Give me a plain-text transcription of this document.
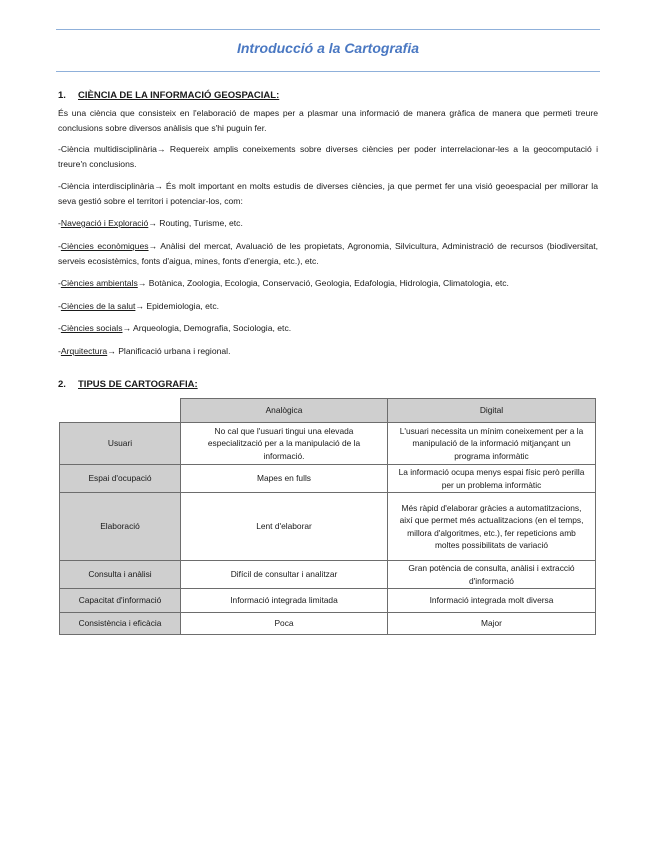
Introducció a la Cartografia
1. CIÈNCIA DE LA INFORMACIÓ GEOSPACIAL:
És una ciència que consisteix en l'elaboració de mapes per a plasmar una informació de manera gràfica de manera que permeti treure conclusions sobre diversos anàlisis que s'hi puguin fer.
-Ciència multidisciplinària→ Requereix amplis coneixements sobre diverses ciències per poder interrelacionar-les a la geocomputació i treure'n conclusions.
-Ciència interdisciplinària→ És molt important en molts estudis de diverses ciències, ja que permet fer una visió geoespacial per millorar la seva gestió sobre el territori i potenciar-los, com:
-Navegació i Exploració→ Routing, Turisme, etc.
-Ciències econòmiques→ Anàlisi del mercat, Avaluació de les propietats, Agronomia, Silvicultura, Administració de recursos (biodiversitat, serveis ecosistèmics, fonts d'aigua, mines, fonts d'energia, etc.), etc.
-Ciències ambientals→ Botànica, Zoologia, Ecologia, Conservació, Geologia, Edafologia, Hidrologia, Climatologia, etc.
-Ciències de la salut→ Epidemiologia, etc.
-Ciències socials→ Arqueologia, Demografia, Sociologia, etc.
-Arquitectura→ Planificació urbana i regional.
2. TIPUS DE CARTOGRAFIA:
	Analògica	Digital
Usuari	No cal que l'usuari tingui una elevada especialització per a la manipulació de la informació.	L'usuari necessita un mínim coneixement per a la manipulació de la informació mitjançant un programa informàtic
Espai d'ocupació	Mapes en fulls	La informació ocupa menys espai físic però perilla per un problema informàtic
Elaboració	Lent d'elaborar	Més ràpid d'elaborar gràcies a automatitzacions, així que permet més actualitzacions (en el temps, millora d'algoritmes, etc.), fer repeticions amb moltes possibilitats de variació
Consulta i anàlisi	Difícil de consultar i analitzar	Gran potència de consulta, anàlisi i extracció d'informació
Capacitat d'informació	Informació integrada limitada	Informació integrada molt diversa
Consistència i eficàcia	Poca	Major
